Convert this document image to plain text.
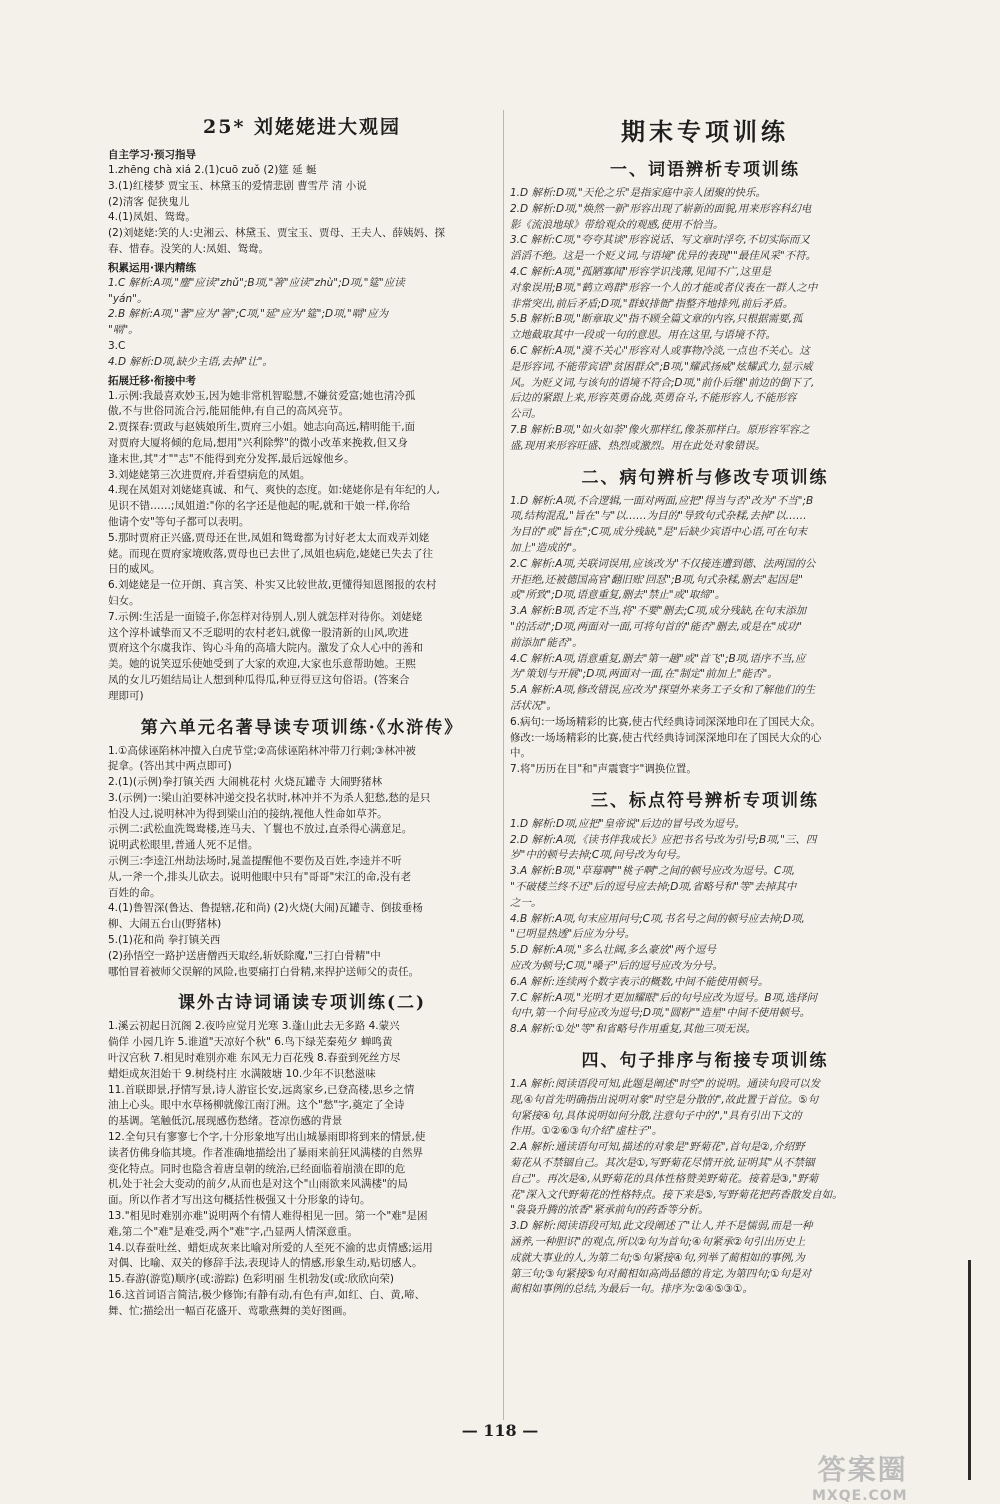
25* 刘姥姥进大观园
自主学习·预习指导
1.zhēng chà xiá 2.(1)cuō zuǒ (2)筵 延 蜒
3.(1)红楼梦 贾宝玉、林黛玉的爱情悲剧 曹雪芹 清 小说
(2)清客 促狭鬼儿
4.(1)凤姐、鸳鸯。
(2)刘姥姥:笑的人:史湘云、林黛玉、贾宝玉、贾母、王夫人、薛姨妈、探
春、惜春。没笑的人:凤姐、鸳鸯。
积累运用·课内精练
1.C 解析:A项,"麈"应读"zhǔ";B项,"箸"应读"zhù";D项,"筵"应读
"yán"。
2.B 解析:A项,"著"应为"箸";C项,"延"应为"筵";D项,"嗝"应为
"嗝"。
3.C
4.D 解析:D项,缺少主语,去掉"让"。
拓展迁移·衔接中考
1.示例:我最喜欢妙玉,因为她非常机智聪慧,不嫌贫爱富;她也清冷孤
傲,不与世俗同流合污,能屈能伸,有自己的高风亮节。
2.贾探春:贾政与赵姨娘所生,贾府三小姐。她志向高远,精明能干,面
对贾府大厦将倾的危局,想用"兴利除弊"的微小改革来挽救,但又身
逢末世,其"才""志"不能得到充分发挥,最后远嫁他乡。
3.刘姥姥第三次进贾府,并看望病危的凤姐。
4.现在凤姐对刘姥姥真诚、和气、爽快的态度。如:姥姥你是有年纪的人,
见识不错……;凤姐道:"你的名字还是他起的呢,就和干娘一样,你给
他请个安"等句子都可以表明。
5.那时贾府正兴盛,贾母还在世,凤姐和鸳鸯都为讨好老太太而戏弄刘姥
姥。而现在贾府家境败落,贾母也已去世了,凤姐也病危,姥姥已失去了往
日的威风。
6.刘姥姥是一位开朗、真言笑、朴实又比较世故,更懂得知恩图报的农村
妇女。
7.示例:生活是一面镜子,你怎样对待别人,别人就怎样对待你。刘姥姥
这个淳朴诚挚而又不乏聪明的农村老妇,就像一股清新的山风,吹进
贾府这个尔虞我诈、钩心斗角的高墙大院内。激发了众人心中的善和
美。她的说笑逗乐使她受到了大家的欢迎,大家也乐意帮助她。王熙
凤的女儿巧姐结局让人想到种瓜得瓜,种豆得豆这句俗语。(答案合
理即可)
第六单元名著导读专项训练·《水浒传》
1.①高俅诬陷林冲擅入白虎节堂;②高俅诬陷林冲带刀行刺;③林冲被
捉拿。(答出其中两点即可)
2.(1)(示例)拳打镇关西 大闹桃花村 火烧瓦罐寺 大闹野猪林
3.(示例)一:梁山泊要林冲递交投名状时,林冲并不为杀人犯愁,愁的是只
怕没人过,说明林冲为得到梁山泊的接纳,视他人性命如草芥。
示例二:武松血洗鸳鸯楼,连马夫、丫鬟也不放过,直杀得心满意足。
说明武松眼里,普通人死不足惜。
示例三:李逵江州劫法场时,晁盖提醒他不要伤及百姓,李逵并不听
从,一斧一个,排头儿砍去。说明他眼中只有"哥哥"宋江的命,没有老
百姓的命。
4.(1)鲁智深(鲁达、鲁提辖,花和尚) (2)火烧(大闹)瓦罐寺、倒拔垂杨
柳、大闹五台山(野猪林)
5.(1)花和尚 拳打镇关西
(2)孙悟空一路护送唐僧西天取经,斩妖除魔,"三打白骨精"中
哪怕冒着被师父误解的风险,也要痛打白骨精,来捍护送师父的责任。
课外古诗词诵读专项训练(二)
1.溪云初起日沉阁 2.夜吟应觉月光寒 3.蓬山此去无多路 4.蒙兴
倘佯 小园几许 5.谁道"天凉好个秋" 6.鸟下绿芜秦苑夕 蝉鸣黄
叶汉宫秋 7.相见时难别亦难 东风无力百花残 8.春蚕到死丝方尽
蜡炬成灰泪始干 9.树绕村庄 水满陂塘 10.少年不识愁滋味
11.首联即景,抒情写景,诗人游宦长安,远离家乡,已登高楼,思乡之情
油上心头。眼中水草杨柳就像江南汀洲。这个"愁"字,奠定了全诗
的基调。笔触低沉,展现感伤愁绪。苍凉伤感的背景
12.全句只有寥寥七个字,十分形象地写出山城暴雨即将到来的情景,使
读者仿佛身临其境。作者准确地描绘出了暴雨来前狂风满楼的自然界
变化特点。同时也隐含着唐皇朝的统治,已经面临着崩溃在即的危
机,处于社会大变动的前夕,从而也是对这个"山雨欲来风满楼"的局
面。所以作者才写出这句概括性极强又十分形象的诗句。
13."相见时难别亦难"说明两个有情人难得相见一回。第一个"难"是困
难,第二个"难"是难受,两个"难"字,凸显两人情深意重。
14.以春蚕吐丝、蜡炬成灰来比喻对所爱的人至死不渝的忠贞情感;运用
对偶、比喻、双关的修辞手法,表现诗人的情感,形象生动,贴切感人。
15.春游(游览)顺序(或:游踪) 色彩明丽 生机勃发(或:欣欣向荣)
16.这首词语言简洁,极少修饰;有静有动,有色有声,如红、白、黄,啼、
舞、忙;描绘出一幅百花盛开、莺歌燕舞的美好图画。
期末专项训练
一、词语辨析专项训练
1.D 解析:D项,"天伦之乐"是指家庭中亲人团聚的快乐。
2.D 解析:D项,"焕然一新"形容出现了崭新的面貌,用来形容科幻电
影《流浪地球》带给观众的观感,使用不恰当。
3.C 解析:C项,"夸夸其谈"形容说话、写文章时浮夸,不切实际而又
滔滔不绝。这是一个贬义词,与语境"优异的表现""最佳风采"不符。
4.C 解析:A项,"孤陋寡闻"形容学识浅薄,见闻不广,这里是
对象误用;B项,"鹤立鸡群"形容一个人的才能或者仪表在一群人之中
非常突出,前后矛盾;D项,"群蚁排衙"指整齐地排列,前后矛盾。
5.B 解析:B项,"断章取义"指不顾全篇文章的内容,只根据需要,孤
立地截取其中一段或一句的意思。用在这里,与语境不符。
6.C 解析:A项,"漠不关心"形容对人或事物冷淡,一点也不关心。这
是形容词,不能带宾语"贫困群众";B项,"耀武扬威"炫耀武力,显示威
风。为贬义词,与该句的语境不符合;D项,"前仆后继"前边的倒下了,
后边的紧跟上来,形容英勇奋战,英勇奋斗,不能形容人,不能形容
公司。
7.B 解析:B项,"如火如荼"像火那样红,像茶那样白。原形容军容之
盛,现用来形容旺盛、热烈或激烈。用在此处对象错误。
二、病句辨析与修改专项训练
1.D 解析:A项,不合逻辑,一面对两面,应把"得当与否"改为"不当";B
项,结构混乱,"旨在"与"以……为目的"导致句式杂糅,去掉"以……
为目的"或"旨在";C项,成分残缺,"是"后缺少宾语中心语,可在句末
加上"造成的"。
2.C 解析:A项,关联词误用,应该改为"不仅接连遭到德、法两国的公
开拒绝,还被德国高官'翻旧账'回怼";B项,句式杂糅,删去"起因是"
或"所致";D项,语意重复,删去"禁止"或"取缔"。
3.A 解析:B项,否定不当,将"不要"删去;C项,成分残缺,在句末添加
"的活动";D项,两面对一面,可将句首的"能否"删去,或是在"成功"
前添加"能否"。
4.C 解析:A项,语意重复,删去"第一趟"或"首飞";B项,语序不当,应
为"策划与开展";D项,两面对一面,在"制定"前加上"能否"。
5.A 解析:A项,修改错误,应改为"探望外来务工子女和了解他们的生
活状况"。
6.病句:一场场精彩的比赛,使古代经典诗词深深地印在了国民大众。
修改:一场场精彩的比赛,使古代经典诗词深深地印在了国民大众的心
中。
7.将"历历在目"和"声震寰宇"调换位置。
三、标点符号辨析专项训练
1.D 解析:D项,应把"皇帝说"后边的冒号改为逗号。
2.D 解析:A项,《读书伴我成长》应把书名号改为引号;B项,"三、四
岁"中的顿号去掉;C项,问号改为句号。
3.A 解析:B项,"草莓啊""桃子啊"之间的顿号应改为逗号。C项,
"不破楼兰终不还"后的逗号应去掉;D项,省略号和"等"去掉其中
之一。
4.B 解析:A项,句末应用问号;C项,书名号之间的顿号应去掉;D项,
"已明显热透"后应为分号。
5.D 解析:A项,"多么壮阔,多么豪放"两个逗号
应改为顿号;C项,"嗓子"后的逗号应改为分号。
6.A 解析:连续两个数字表示的概数,中间不能使用顿号。
7.C 解析:A项,"光明才更加耀眼"后的句号应改为逗号。B项,选择问
句中,第一个问号应改为逗号;D项,"圆粉""造星"中间不使用顿号。
8.A 解析:①处"等"和省略号作用重复,其他三项无误。
四、句子排序与衔接专项训练
1.A 解析:阅读语段可知,此题是阐述"时空"的说明。通读句段可以发
现,④句首先明确指出说明对象"时空是分散的",故此置于首位。⑤句
句紧接④句,具体说明如何分散,注意句子中的","具有引出下文的
作用。①②⑥③句介绍"虚柱子"。
2.A 解析:通读语句可知,描述的对象是"野菊花",首句是②,介绍野
菊花从不禁锢自己。其次是①,写野菊花尽情开放,证明其"从不禁锢
自己"。再次是④,从野菊花的具体性格赞美野菊花。接着是③,"野菊
花"深入文代野菊花的性格特点。接下来是⑤,写野菊花把药香散发自如。
"袅袅升腾的浓香"紧承前句的药香等分析。
3.D 解析:阅读语段可知,此文段阐述了"让人,并不是懦弱,而是一种
涵养,一种胆识"的观点,所以②句为首句;④句紧承②句引出历史上
成就大事业的人,为第二句;⑤句紧接④句,列举了蔺相如的事例,为
第三句;③句紧接⑤句对蔺相如高尚品德的肯定,为第四句;①句是对
蔺相如事例的总结,为最后一句。排序为:②④⑤③①。
— 118 —
答案圈
MXQE.COM
